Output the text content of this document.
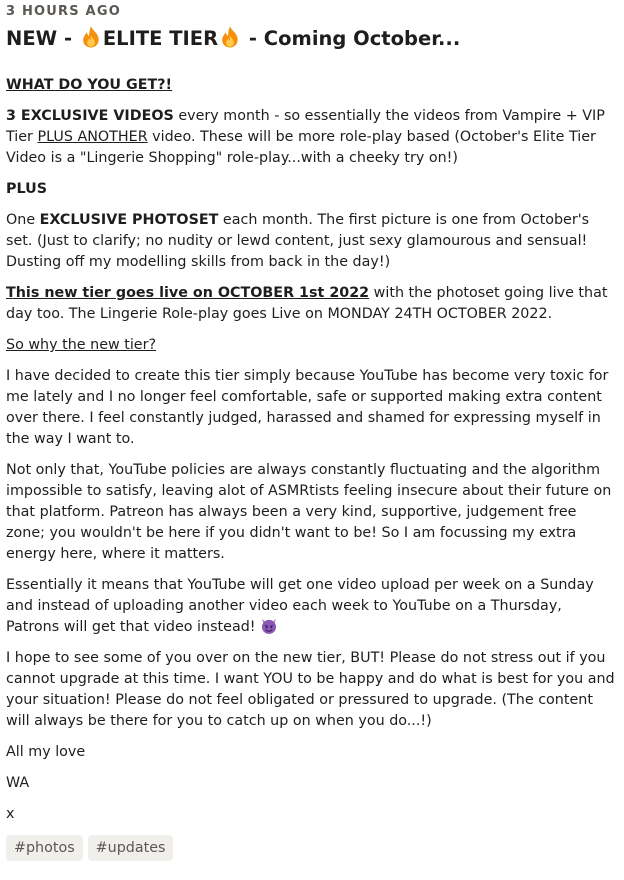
3 HOURS AGO
NEW - ELITE TIER - Coming October...

WHAT DO YOU GET?!

3 EXCLUSIVE VIDEOS every month - so essentially the videos from Vampire + VIP Tier PLUS ANOTHER video. These will be more role-play based (October's Elite Tier Video is a "Lingerie Shopping" role-play...with a cheeky try on!)

PLUS

One EXCLUSIVE PHOTOSET each month. The first picture is one from October's set. (Just to clarify; no nudity or lewd content, just sexy glamourous and sensual! Dusting off my modelling skills from back in the day!)

This new tier goes live on OCTOBER 1st 2022 with the photoset going live that day too. The Lingerie Role-play goes Live on MONDAY 24TH OCTOBER 2022.

So why the new tier?

I have decided to create this tier simply because YouTube has become very toxic for me lately and I no longer feel comfortable, safe or supported making extra content over there. I feel constantly judged, harassed and shamed for expressing myself in the way I want to.

Not only that, YouTube policies are always constantly fluctuating and the algorithm impossible to satisfy, leaving alot of ASMRtists feeling insecure about their future on that platform. Patreon has always been a very kind, supportive, judgement free zone; you wouldn't be here if you didn't want to be! So I am focussing my extra energy here, where it matters.

Essentially it means that YouTube will get one video upload per week on a Sunday and instead of uploading another video each week to YouTube on a Thursday, Patrons will get that video instead!

I hope to see some of you over on the new tier, BUT! Please do not stress out if you cannot upgrade at this time. I want YOU to be happy and do what is best for you and your situation! Please do not feel obligated or pressured to upgrade. (The content will always be there for you to catch up on when you do...!)

All my love

WA

x

#photos	#updates
